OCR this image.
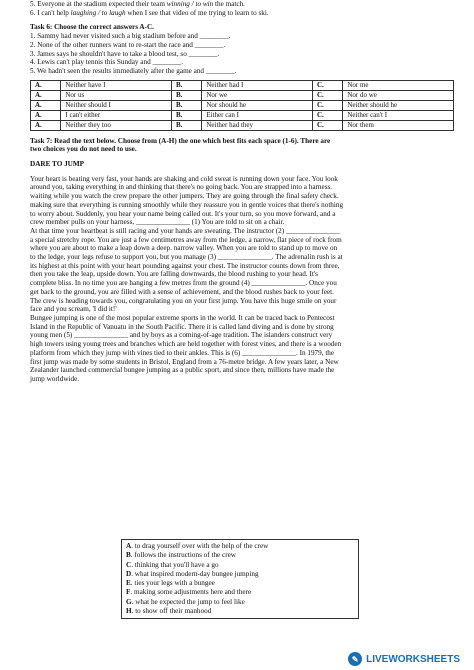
5. Everyone at the stadium expected their team winning / to win the match.
6. I can't help laughing / to laugh when I see that video of me trying to learn to ski.
Task 6: Choose the correct answers A-C.
1. Sammy had never visited such a big stadium before and ________.
2. None of the other runners want to re-start the race and ________.
3. James says he shouldn't have to take a blood test, so ________.
4. Lewis can't play tennis this Sunday and ________.
5. We hadn't seen the results immediately after the game and ________.
A.	Neither have I	B.	Neither had I	C.	Nor me
A.	Nor us	B.	Nor we	C.	Nor do we
A.	Neither should I	B.	Nor should he	C.	Neither should he
A.	I can't either	B.	Either can I	C.	Neither can't I
A.	Neither they too	B.	Neither had they	C.	Nor them
Task 7: Read the text below. Choose from (A-H) the one which best fits each space (1-6). There are
two choices you do not need to use.
DARE TO JUMP
Your heart is beating very fast, your hands are shaking and cold sweat is running down your face. You look
around you, taking everything in and thinking that there's no going back. You are strapped into a harness.
waiting while you watch the crew prepare the other jumpers. They are going through the final safety check.
making sure that everything is running smoothly while they reassure you in gentle voices that there's nothing
to worry about. Suddenly, you hear your name being called out. It's your turn, so you move forward, and a
crew member pulls on your harness, _______________ (1) You are told to sit on a chair.
At that time your heartbeat is still racing and your hands are sweating. The instructor (2) _______________
a special stretchy rope. You are just a few centimetres away from the ledge, a narrow, flat piece of rock from
where you are about to make a leap down a deep. narrow valley. When you are told to stand up to move on
to the ledge, your legs refuse to support you, but you manage (3) _______________. The adrenalin rush is at
its highest at this point with your heart pounding against your chest. The instructor counts down from three,
then you take the leap, upside down. You are falling downwards, the blood rushing to your head. It's
complete bliss. In no time you are hanging a few metres from the ground (4) _______________. Once you
get back to the ground, you are filled with a sense of achievement, and the blood rushes back to your feet.
The crew is heading towards you, congratulating you on your first jump. You have this huge smile on your
face and you scream, 'I did it!'
Bungee jumping is one of the most popular extreme sports in the world. It can be traced back to Pentecost
Island in the Republic of Vanuatu in the South Pacific. There it is called land diving and is done by strong
young men (5) _______________ and by boys as a coming-of-age tradition. The islanders construct very
high towers using young trees and branches which are held together with forest vines, and there is a wooden
platform from which they jump with vines tied to their ankles. This is (6) _______________. In 1979, the
first jump was made by some students in Bristol, England from a 76-metre bridge. A few years later, a New
Zealander launched commercial bungee jumping as a public sport, and since then, millions have made the
jump worldwide.
A. to drag yourself over with the help of the crew
B. follows the instructions of the crew
C. thinking that you'll have a go
D. what inspired modern-day bungee jumping
E. ties your legs with a bungee
F. making some adjustments here and there
G. what he expected the jump to feel like
H. to show off their manhood
✎ LIVEWORKSHEETS
